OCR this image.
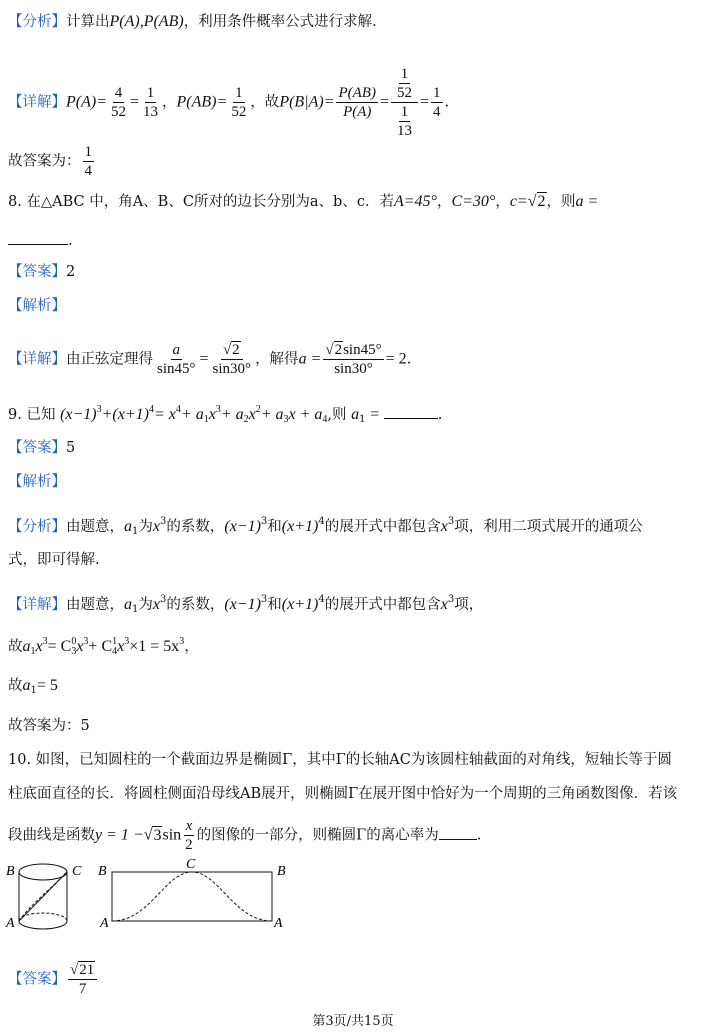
【分析】计算出P(A),P(AB)，利用条件概率公式进行求解.
【详解】$P(A)= \frac{4}{52} = \frac{1}{13}$ ，$P(AB)= \frac{1}{52}$ ，故$P(B|A)= \frac{P(AB)}{P(A)} = \frac{\frac{1}{52}}{\frac{1}{13}} = \frac{1}{4}$ .
故答案为： $\frac{1}{4}$
8. 在△ABC 中，角A、B、C所对的边长分别为a、b、c．若A=45°，C=30°，c=√2，则a =
.
【答案】2
【解析】
【详解】由正弦定理得 $\frac{a}{\sin 45^\circ} = \frac{√2}{\sin 30^\circ}$ ，解得$a = \frac{√2\sin 45^\circ}{\sin 30^\circ} = 2$.
9. 已知 $(x-1)^3+(x+1)^4= x^4+ a_1x^3+ a_2x^2+ a_3x + a_4$,则 $a_1$ =	.
【答案】5
【解析】
【分析】由题意，$a_1$为$x^3$的系数，$(x-1)^3$和$(x+1)^4$的展开式中都包含$x^3$项，利用二项式展开的通项公
式，即可得解.
【详解】由题意，$a_1$为$x^3$的系数，$(x-1)^3$和$(x+1)^4$的展开式中都包含$x^3$项，
故$a_1x^3= C$ 0
3 $x^3+ C$ 1
4 $x^3\times 1 = 5x^3$，
故$a_1= 5$
故答案为：5
10. 如图，已知圆柱的一个截面边界是椭圆Γ，其中Γ的长轴AC为该圆柱轴截面的对角线，短轴长等于圆
柱底面直径的长．将圆柱侧面沿母线AB展开，则椭圆Γ在展开图中恰好为一个周期的三角函数图像．若该
段曲线是函数$y = 1 -√3\sin \frac{x}{2}$ 的图像的一部分，则椭圆Γ的离心率为	.
B	C
A
B	C	B
A	A
【答案】 $\frac{√21}{7}$
第3页/共15页
